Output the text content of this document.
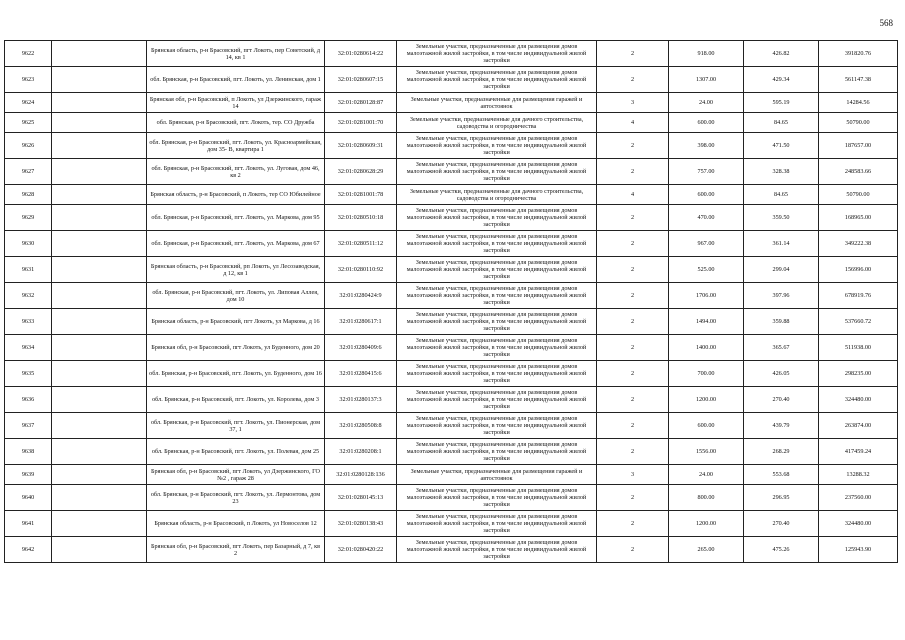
568
9622		Брянская область, р-н Брасовский, пгт Локоть, пер Советский, д 14, кв 1	32:01:0280614:22	Земельные участки, предназначенные для размещения домов малоэтажной жилой застройки, в том числе индивидуальной жилой застройки	2	918.00	426.82	391820.76
9623		обл. Брянская, р-н Брасовский, пгт. Локоть, ул. Ленинская, дом 1	32:01:0280607:15	Земельные участки, предназначенные для размещения домов малоэтажной жилой застройки, в том числе индивидуальной жилой застройки	2	1307.00	429.34	561147.38
9624		Брянская обл, р-н Брасовский, п Локоть, ул Дзержинского, гараж 14	32:01:0280128:87	Земельные участки, предназначенные для размещения гаражей и автостоянок	3	24.00	595.19	14284.56
9625		обл. Брянская, р-н Брасовский, пгт. Локоть, тер. СО Дружба	32:01:0281001:70	Земельные участки, предназначенные для дачного строительства, садоводства и огородничества	4	600.00	84.65	50790.00
9626		обл. Брянская, р-н Брасовский, пгт. Локоть, ул. Красноармейская, дом 35- В, квартира 1	32:01:0280609:31	Земельные участки, предназначенные для размещения домов малоэтажной жилой застройки, в том числе индивидуальной жилой застройки	2	398.00	471.50	187657.00
9627		обл. Брянская, р-н Брасовский, пгт. Локоть, ул. Луговая, дом 46, кв 2	32:01:0280628:29	Земельные участки, предназначенные для размещения домов малоэтажной жилой застройки, в том числе индивидуальной жилой застройки	2	757.00	328.38	248583.66
9628		Брянская область, р-н Брасовский, п Локоть, тер СО Юбилейное	32:01:0281001:78	Земельные участки, предназначенные для дачного строительства, садоводства и огородничества	4	600.00	84.65	50790.00
9629		обл. Брянская, р-н Брасовский, пгт. Локоть, ул. Маркова, дом 95	32:01:0280510:18	Земельные участки, предназначенные для размещения домов малоэтажной жилой застройки, в том числе индивидуальной жилой застройки	2	470.00	359.50	168965.00
9630		обл. Брянская, р-н Брасовский, пгт. Локоть, ул. Маркова, дом 67	32:01:0280511:12	Земельные участки, предназначенные для размещения домов малоэтажной жилой застройки, в том числе индивидуальной жилой застройки	2	967.00	361.14	349222.38
9631		Брянская область, р-н Брасовский, рп Локоть, ул Лесозаводская, д 12, кв 1	32:01:0280110:92	Земельные участки, предназначенные для размещения домов малоэтажной жилой застройки, в том числе индивидуальной жилой застройки	2	525.00	299.04	156996.00
9632		обл. Брянская, р-н Брасовский, пгт. Локоть, ул. Липовая Аллея, дом 10	32:01:0280424:9	Земельные участки, предназначенные для размещения домов малоэтажной жилой застройки, в том числе индивидуальной жилой застройки	2	1706.00	397.96	678919.76
9633		Брянская область, р-н Брасовский, пгт Локоть, ул Маркова, д 16	32:01:0280617:1	Земельные участки, предназначенные для размещения домов малоэтажной жилой застройки, в том числе индивидуальной жилой застройки	2	1494.00	359.88	537660.72
9634		Брянская обл, р-н Брасовский, пгт Локоть, ул Буденного, дом 20	32:01:0280409:6	Земельные участки, предназначенные для размещения домов малоэтажной жилой застройки, в том числе индивидуальной жилой застройки	2	1400.00	365.67	511938.00
9635		обл. Брянская, р-н Брасовский, пгт. Локоть, ул. Буденного, дом 16	32:01:0280415:6	Земельные участки, предназначенные для размещения домов малоэтажной жилой застройки, в том числе индивидуальной жилой застройки	2	700.00	426.05	298235.00
9636		обл. Брянская, р-н Брасовский, пгт. Локоть, ул. Королева, дом 3	32:01:0280137:3	Земельные участки, предназначенные для размещения домов малоэтажной жилой застройки, в том числе индивидуальной жилой застройки	2	1200.00	270.40	324480.00
9637		обл. Брянская, р-н Брасовский, пгт. Локоть, ул. Пионерская, дом 37, 1	32:01:0280508:8	Земельные участки, предназначенные для размещения домов малоэтажной жилой застройки, в том числе индивидуальной жилой застройки	2	600.00	439.79	263874.00
9638		обл. Брянская, р-н Брасовский, пгт. Локоть, ул. Полевая, дом 25	32:01:0280208:1	Земельные участки, предназначенные для размещения домов малоэтажной жилой застройки, в том числе индивидуальной жилой застройки	2	1556.00	268.29	417459.24
9639		Брянская обл, р-н Брасовский, пгт Локоть, ул Дзержинского, ГО №2 , гараж 28	32:01:0280128:136	Земельные участки, предназначенные для размещения гаражей и автостоянок	3	24.00	553.68	13288.32
9640		обл. Брянская, р-н Брасовский, пгт. Локоть, ул. Лермонтова, дом 23	32:01:0280145:13	Земельные участки, предназначенные для размещения домов малоэтажной жилой застройки, в том числе индивидуальной жилой застройки	2	800.00	296.95	237560.00
9641		Брянская область, р-н Брасовский, п Локоть, ул Новоселов 12	32:01:0280138:43	Земельные участки, предназначенные для размещения домов малоэтажной жилой застройки, в том числе индивидуальной жилой застройки	2	1200.00	270.40	324480.00
9642		Брянская обл, р-н Брасовский, пгт Локоть, пер Базарный, д 7, кв 2	32:01:0280420:22	Земельные участки, предназначенные для размещения домов малоэтажной жилой застройки, в том числе индивидуальной жилой застройки	2	265.00	475.26	125943.90
